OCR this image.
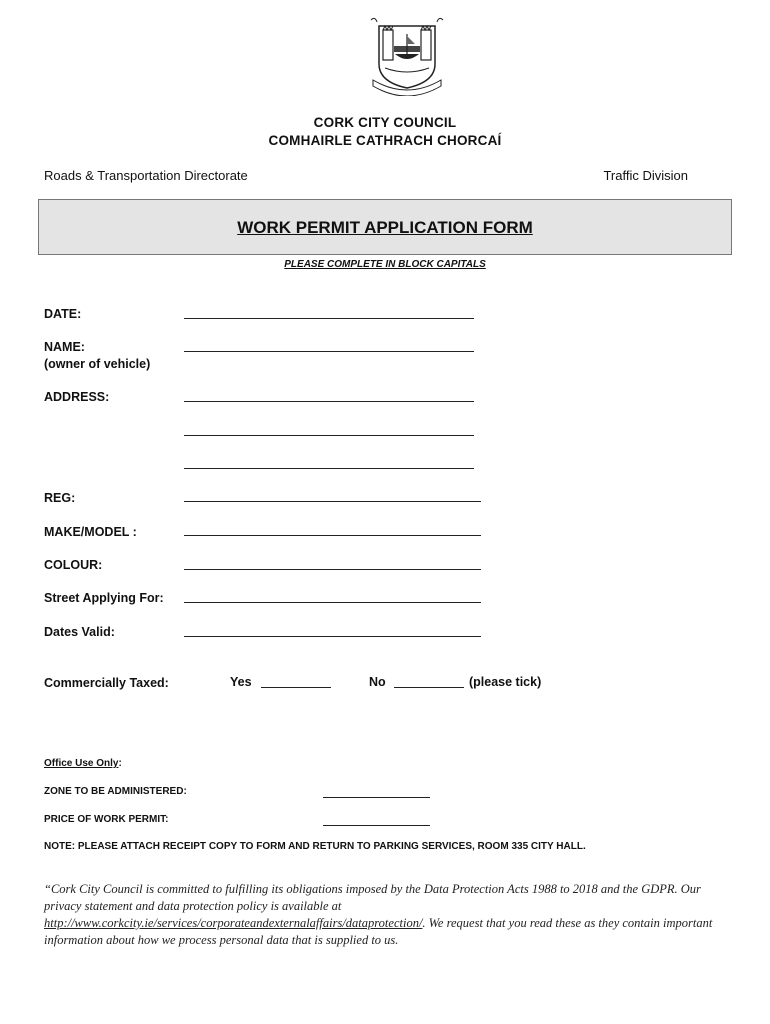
CORK CITY COUNCIL
COMHAIRLE CATHRACH CHORCAÍ
Roads & Transportation Directorate	Traffic Division
WORK PERMIT APPLICATION FORM
PLEASE COMPLETE IN BLOCK CAPITALS
DATE:
NAME:
(owner of vehicle)
ADDRESS:
REG:
MAKE/MODEL :
COLOUR:
Street Applying For:
Dates Valid:
Commercially Taxed:	Yes	No	(please tick)
Office Use Only:
ZONE TO BE ADMINISTERED:
PRICE OF WORK PERMIT:
NOTE: PLEASE ATTACH RECEIPT COPY TO FORM AND RETURN TO PARKING SERVICES, ROOM 335 CITY HALL.
“Cork City Council is committed to fulfilling its obligations imposed by the Data Protection Acts 1988 to 2018 and the GDPR. Our privacy statement and data protection policy is available at http://www.corkcity.ie/services/corporateandexternalaffairs/dataprotection/. We request that you read these as they contain important information about how we process personal data that is supplied to us.
